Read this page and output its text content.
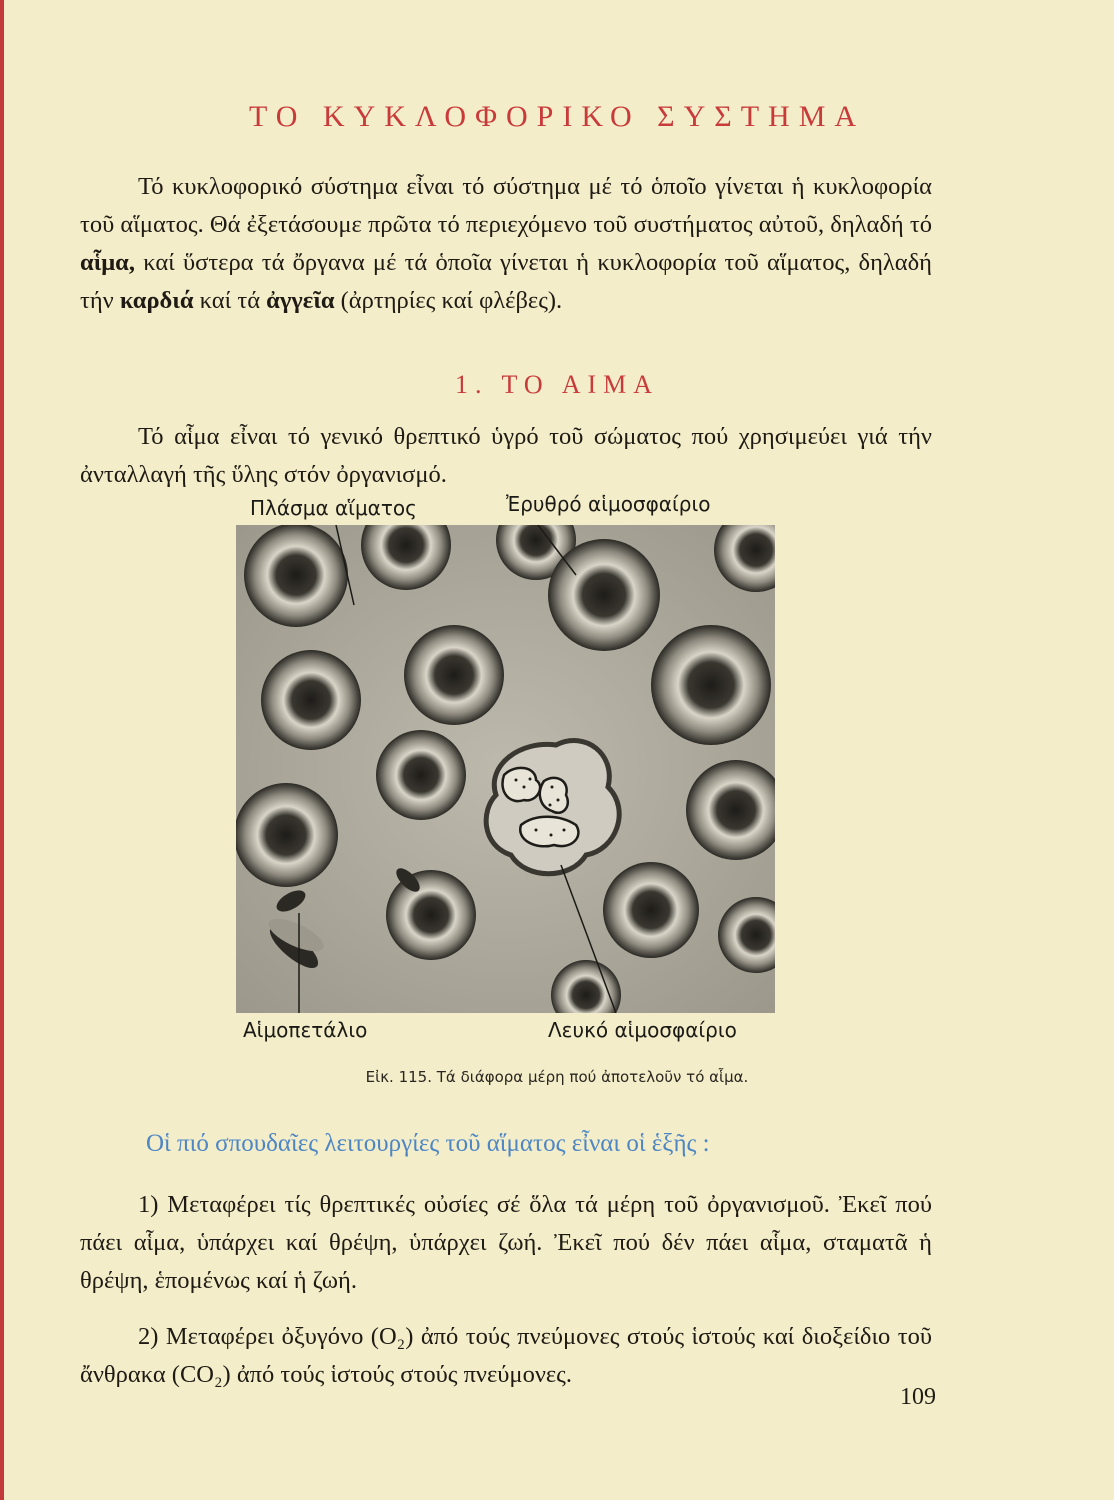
ΤΟ ΚΥΚΛΟΦΟΡΙΚΟ ΣΥΣΤΗΜΑ
Τό κυκλοφορικό σύστημα εἶναι τό σύστημα μέ τό ὁποῖο γίνεται ἡ κυκλοφορία τοῦ αἵματος. Θά ἐξετάσουμε πρῶτα τό περιεχόμενο τοῦ συστήματος αὐτοῦ, δηλαδή τό αἷμα, καί ὕστερα τά ὄργανα μέ τά ὁποῖα γίνεται ἡ κυκλοφορία τοῦ αἵματος, δηλαδή τήν καρδιά καί τά ἀγγεῖα (ἀρτηρίες καί φλέβες).
1. ΤΟ ΑΙΜΑ
Τό αἷμα εἶναι τό γενικό θρεπτικό ὑγρό τοῦ σώματος πού χρησιμεύει γιά τήν ἀνταλλαγή τῆς ὕλης στόν ὀργανισμό.
Πλάσμα αἵματος	Ἐρυθρό αἱμοσφαίριο
Αἱμοπετάλιο	Λευκό αἱμοσφαίριο
Εἰκ. 115. Τά διάφορα μέρη πού ἀποτελοῦν τό αἷμα.
Οἱ πιό σπουδαῖες λειτουργίες τοῦ αἵματος εἶναι οἱ ἑξῆς :
1) Μεταφέρει τίς θρεπτικές οὐσίες σέ ὅλα τά μέρη τοῦ ὀργανισμοῦ. Ἐκεῖ πού πάει αἷμα, ὑπάρχει καί θρέψη, ὑπάρχει ζωή. Ἐκεῖ πού δέν πάει αἷμα, σταματᾶ ἡ θρέψη, ἑπομένως καί ἡ ζωή.
2) Μεταφέρει ὀξυγόνο (O₂) ἀπό τούς πνεύμονες στούς ἱστούς καί διοξείδιο τοῦ ἄνθρακα (CO₂) ἀπό τούς ἱστούς στούς πνεύμονες.
109
